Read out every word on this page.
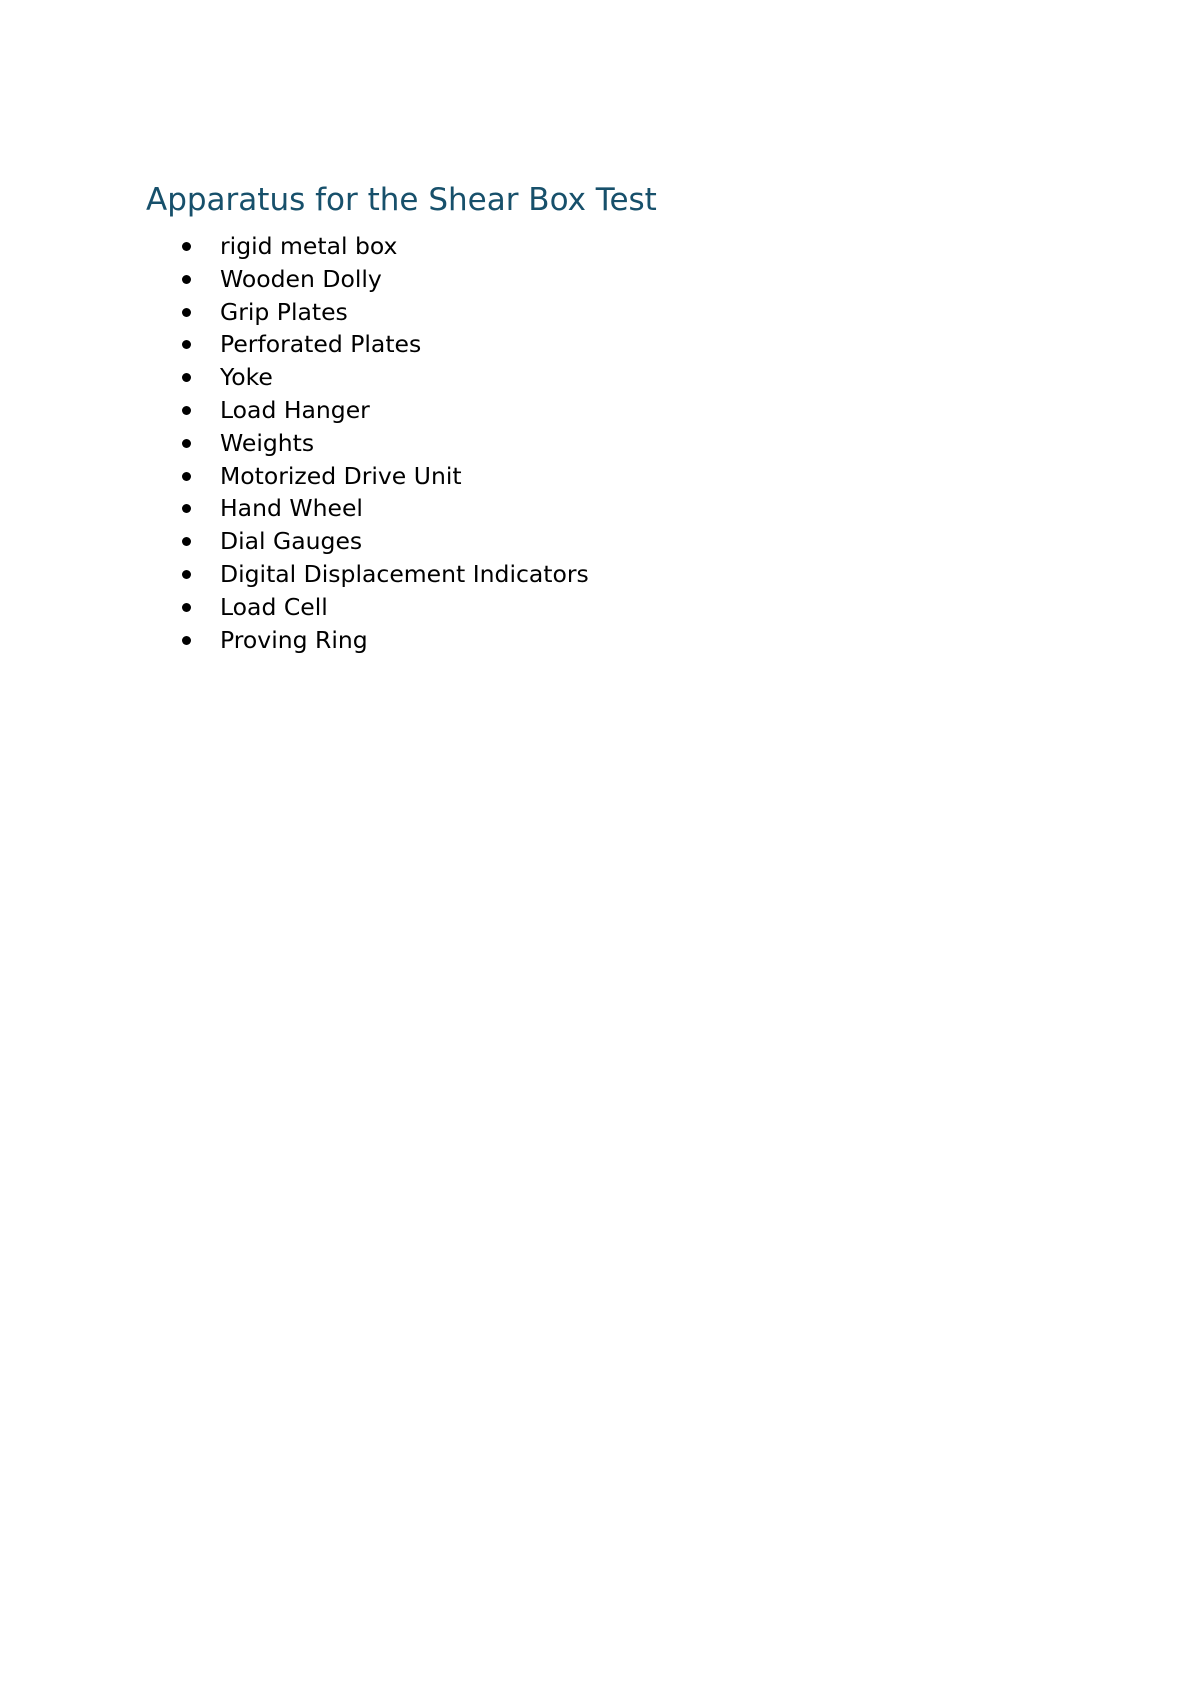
Apparatus for the Shear Box Test
rigid metal box
Wooden Dolly
Grip Plates
Perforated Plates
Yoke
Load Hanger
Weights
Motorized Drive Unit
Hand Wheel
Dial Gauges
Digital Displacement Indicators
Load Cell
Proving Ring
